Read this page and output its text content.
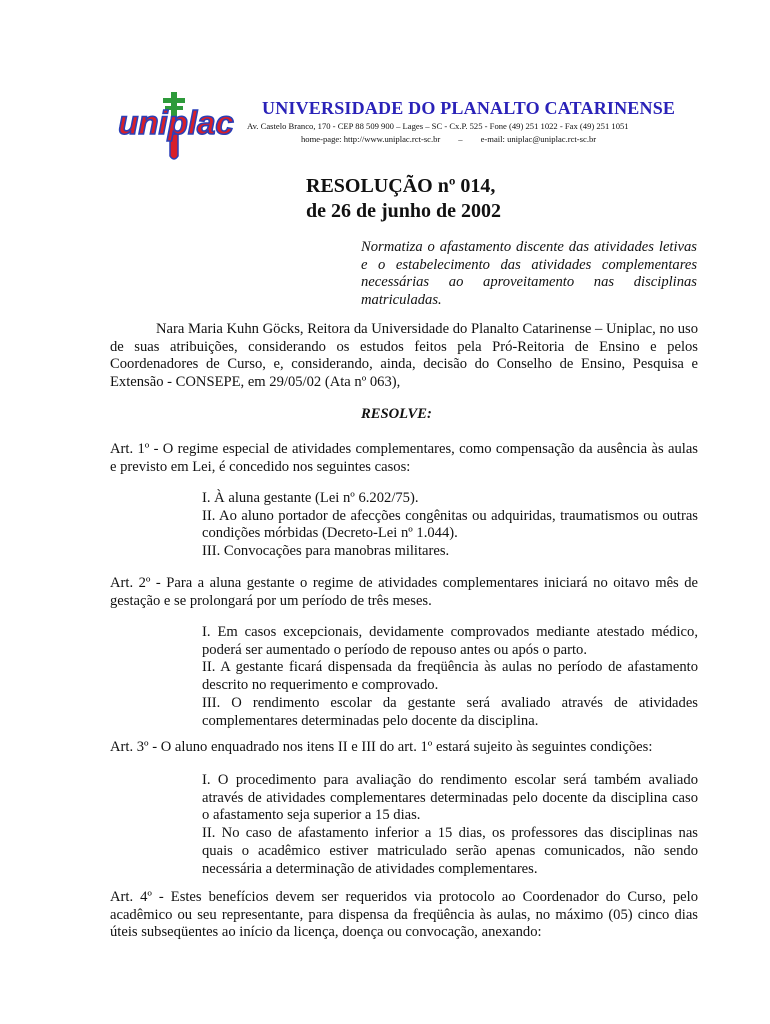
uniplac UNIVERSIDADE DO PLANALTO CATARINENSE
Av. Castelo Branco, 170 - CEP 88 509 900 – Lages – SC - Cx.P. 525 - Fone (49) 251 1022 - Fax (49) 251 1051
home-page: http://www.uniplac.rct-sc.br – e-mail: uniplac@uniplac.rct-sc.br
RESOLUÇÃO nº 014,
de 26 de junho de 2002
Normatiza o afastamento discente das atividades letivas e o estabelecimento das atividades complementares necessárias ao aproveitamento nas disciplinas matriculadas.
Nara Maria Kuhn Göcks, Reitora da Universidade do Planalto Catarinense – Uniplac, no uso de suas atribuições, considerando os estudos feitos pela Pró-Reitoria de Ensino e pelos Coordenadores de Curso, e, considerando, ainda, decisão do Conselho de Ensino, Pesquisa e Extensão - CONSEPE, em 29/05/02 (Ata nº 063),
RESOLVE:
Art. 1º - O regime especial de atividades complementares, como compensação da ausência às aulas e previsto em Lei, é concedido nos seguintes casos:

I. À aluna gestante (Lei nº 6.202/75).

II. Ao aluno portador de afecções congênitas ou adquiridas, traumatismos ou outras condições mórbidas (Decreto-Lei nº 1.044).

III. Convocações para manobras militares.

Art. 2º - Para a aluna gestante o regime de atividades complementares iniciará no oitavo mês de gestação e se prolongará por um período de três meses.

I. Em casos excepcionais, devidamente comprovados mediante atestado médico, poderá ser aumentado o período de repouso antes ou após o parto.

II. A gestante ficará dispensada da freqüência às aulas no período de afastamento descrito no requerimento e comprovado.

III. O rendimento escolar da gestante será avaliado através de atividades complementares determinadas pelo docente da disciplina.

Art. 3º - O aluno enquadrado nos itens II e III do art. 1º estará sujeito às seguintes condições:

I. O procedimento para avaliação do rendimento escolar será também avaliado através de atividades complementares determinadas pelo docente da disciplina caso o afastamento seja superior a 15 dias.

II. No caso de afastamento inferior a 15 dias, os professores das disciplinas nas quais o acadêmico estiver matriculado serão apenas comunicados, não sendo necessária a determinação de atividades complementares.

Art. 4º - Estes benefícios devem ser requeridos via protocolo ao Coordenador do Curso, pelo acadêmico ou seu representante, para dispensa da freqüência às aulas, no máximo (05) cinco dias úteis subseqüentes ao início da licença, doença ou convocação, anexando:
